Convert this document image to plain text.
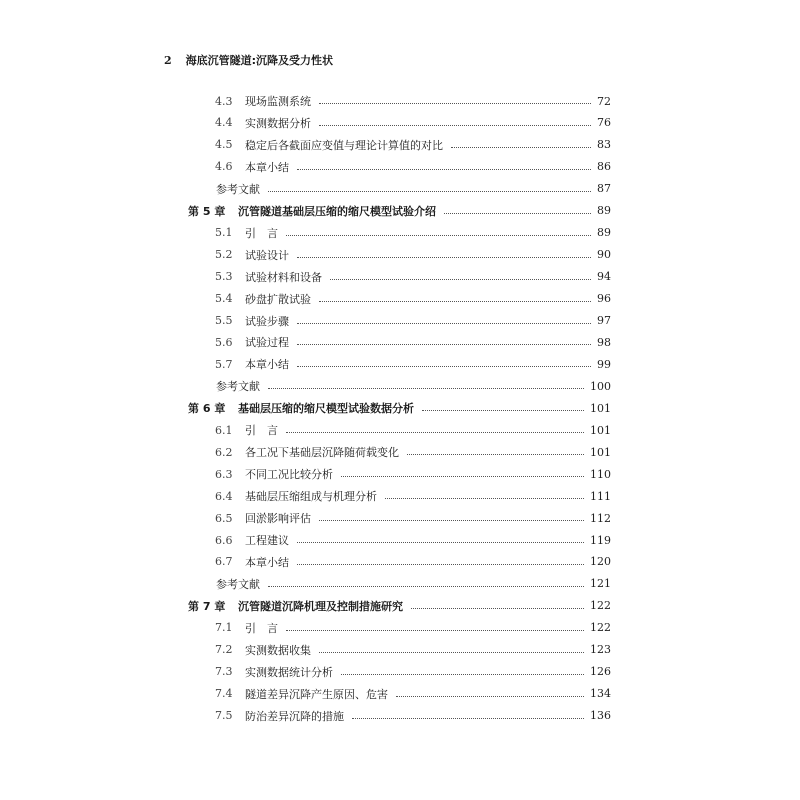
2 海底沉管隧道:沉降及受力性状
4.3	现场监测系统	72
4.4	实测数据分析	76
4.5	稳定后各截面应变值与理论计算值的对比	83
4.6	本章小结	86
参考文献	87
第 5 章	沉管隧道基础层压缩的缩尺模型试验介绍	89
5.1	引　言	89
5.2	试验设计	90
5.3	试验材料和设备	94
5.4	砂盘扩散试验	96
5.5	试验步骤	97
5.6	试验过程	98
5.7	本章小结	99
参考文献	100
第 6 章	基础层压缩的缩尺模型试验数据分析	101
6.1	引　言	101
6.2	各工况下基础层沉降随荷载变化	101
6.3	不同工况比较分析	110
6.4	基础层压缩组成与机理分析	111
6.5	回淤影响评估	112
6.6	工程建议	119
6.7	本章小结	120
参考文献	121
第 7 章	沉管隧道沉降机理及控制措施研究	122
7.1	引　言	122
7.2	实测数据收集	123
7.3	实测数据统计分析	126
7.4	隧道差异沉降产生原因、危害	134
7.5	防治差异沉降的措施	136
